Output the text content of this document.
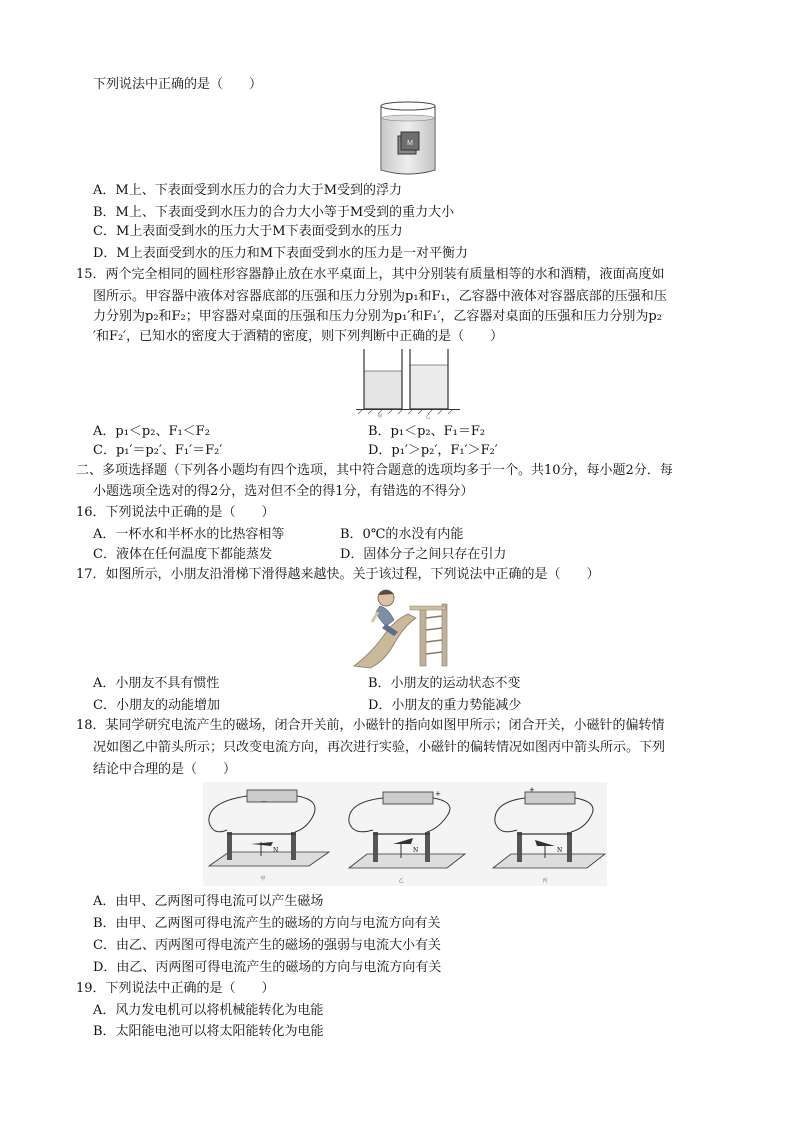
下列说法中正确的是（　　）
M
A．M上、下表面受到水压力的合力大于M受到的浮力
B．M上、下表面受到水压力的合力大小等于M受到的重力大小
C．M上表面受到水的压力大于M下表面受到水的压力
D．M上表面受到水的压力和M下表面受到水的压力是一对平衡力
15．两个完全相同的圆柱形容器静止放在水平桌面上，其中分别装有质量相等的水和酒精，液面高度如
图所示。甲容器中液体对容器底部的压强和压力分别为p₁和F₁，乙容器中液体对容器底部的压强和压
力分别为p₂和F₂；甲容器对桌面的压强和压力分别为p₁′和F₁′，乙容器对桌面的压强和压力分别为p₂
′和F₂′，已知水的密度大于酒精的密度，则下列判断中正确的是（　　）
甲	乙
A．p₁＜p₂、F₁＜F₂	B．p₁＜p₂、F₁＝F₂
C．p₁′＝p₂′、F₁′＝F₂′	D．p₁′＞p₂′，F₁′＞F₂′
二、多项选择题（下列各小题均有四个选项，其中符合题意的选项均多于一个。共10分，每小题2分．每
小题选项全选对的得2分，选对但不全的得1分，有错选的不得分）
16．下列说法中正确的是（　　）
A．一杯水和半杯水的比热容相等	B．0℃的水没有内能
C．液体在任何温度下都能蒸发	D．固体分子之间只存在引力
17．如图所示，小朋友沿滑梯下滑得越来越快。关于该过程，下列说法中正确的是（　　）
A．小朋友不具有惯性	B．小朋友的运动状态不变
C．小朋友的动能增加	D．小朋友的重力势能减少
18．某同学研究电流产生的磁场，闭合开关前，小磁针的指向如图甲所示；闭合开关，小磁针的偏转情
况如图乙中箭头所示；只改变电流方向，再次进行实验，小磁针的偏转情况如图丙中箭头所示。下列
结论中合理的是（　　）
N
−
甲
N
+
乙
N
+
丙
A．由甲、乙两图可得电流可以产生磁场
B．由甲、乙两图可得电流产生的磁场的方向与电流方向有关
C．由乙、丙两图可得电流产生的磁场的强弱与电流大小有关
D．由乙、丙两图可得电流产生的磁场的方向与电流方向有关
19．下列说法中正确的是（　　）
A．风力发电机可以将机械能转化为电能
B．太阳能电池可以将太阳能转化为电能
